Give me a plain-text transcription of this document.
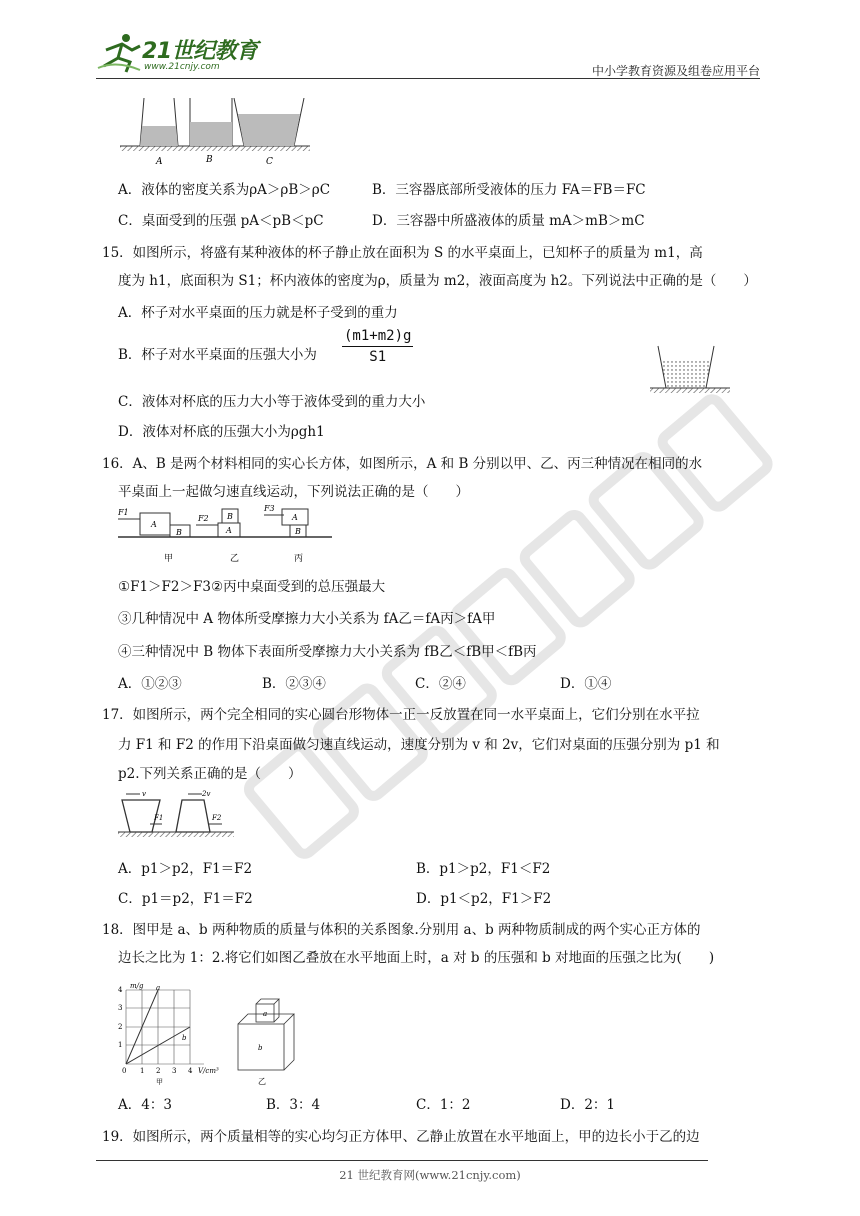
21世纪教育
www.21cnjy.com	中小学教育资源及组卷应用平台
A	B	C
A．液体的密度关系为ρA＞ρB＞ρC	B．三容器底部所受液体的压力 FA＝FB＝FC
C．桌面受到的压强 pA＜pB＜pC	D．三容器中所盛液体的质量 mA＞mB＞mC
15．如图所示，将盛有某种液体的杯子静止放在面积为 S 的水平桌面上，已知杯子的质量为 m1，高
度为 h1，底面积为 S1；杯内液体的密度为ρ，质量为 m2，液面高度为 h2。下列说法中正确的是（　　）
A．杯子对水平桌面的压力就是杯子受到的重力
B．杯子对水平桌面的压强大小为 $\frac{(m1+m2)g}{S1}$
C．液体对杯底的压力大小等于液体受到的重力大小
D．液体对杯底的压强大小为ρgh1
16．A、B 是两个材料相同的实心长方体，如图所示，A 和 B 分别以甲、乙、丙三种情况在相同的水
平桌面上一起做匀速直线运动，下列说法正确的是（　　）
F1
A
B
F2
A
B
F3
A
B
甲	乙	丙
①F1＞F2＞F3②丙中桌面受到的总压强最大
③几种情况中 A 物体所受摩擦力大小关系为 fA乙＝fA丙＞fA甲
④三种情况中 B 物体下表面所受摩擦力大小关系为 fB乙＜fB甲＜fB丙
A．①②③	B．②③④	C．②④	D．①④
17．如图所示，两个完全相同的实心圆台形物体一正一反放置在同一水平桌面上，它们分别在水平拉
力 F1 和 F2 的作用下沿桌面做匀速直线运动，速度分别为 v 和 2v，它们对桌面的压强分别为 p1 和
p2.下列关系正确的是（　　）
v
F1
2v
F2
A．p1＞p2，F1＝F2	B．p1＞p2，F1＜F2
C．p1＝p2，F1＝F2	D．p1＜p2，F1＞F2
18．图甲是 a、b 两种物质的质量与体积的关系图象.分别用 a、b 两种物质制成的两个实心正方体的
边长之比为 1：2.将它们如图乙叠放在水平地面上时，a 对 b 的压强和 b 对地面的压强之比为(　　)
4
3
2
1
0 1 2 3 4
a
b
m/g
V/cm³
甲
a
b
乙
A．4：3	B．3：4	C．1：2	D．2：1
19．如图所示，两个质量相等的实心均匀正方体甲、乙静止放置在水平地面上，甲的边长小于乙的边
21 世纪教育网(www.21cnjy.com)
